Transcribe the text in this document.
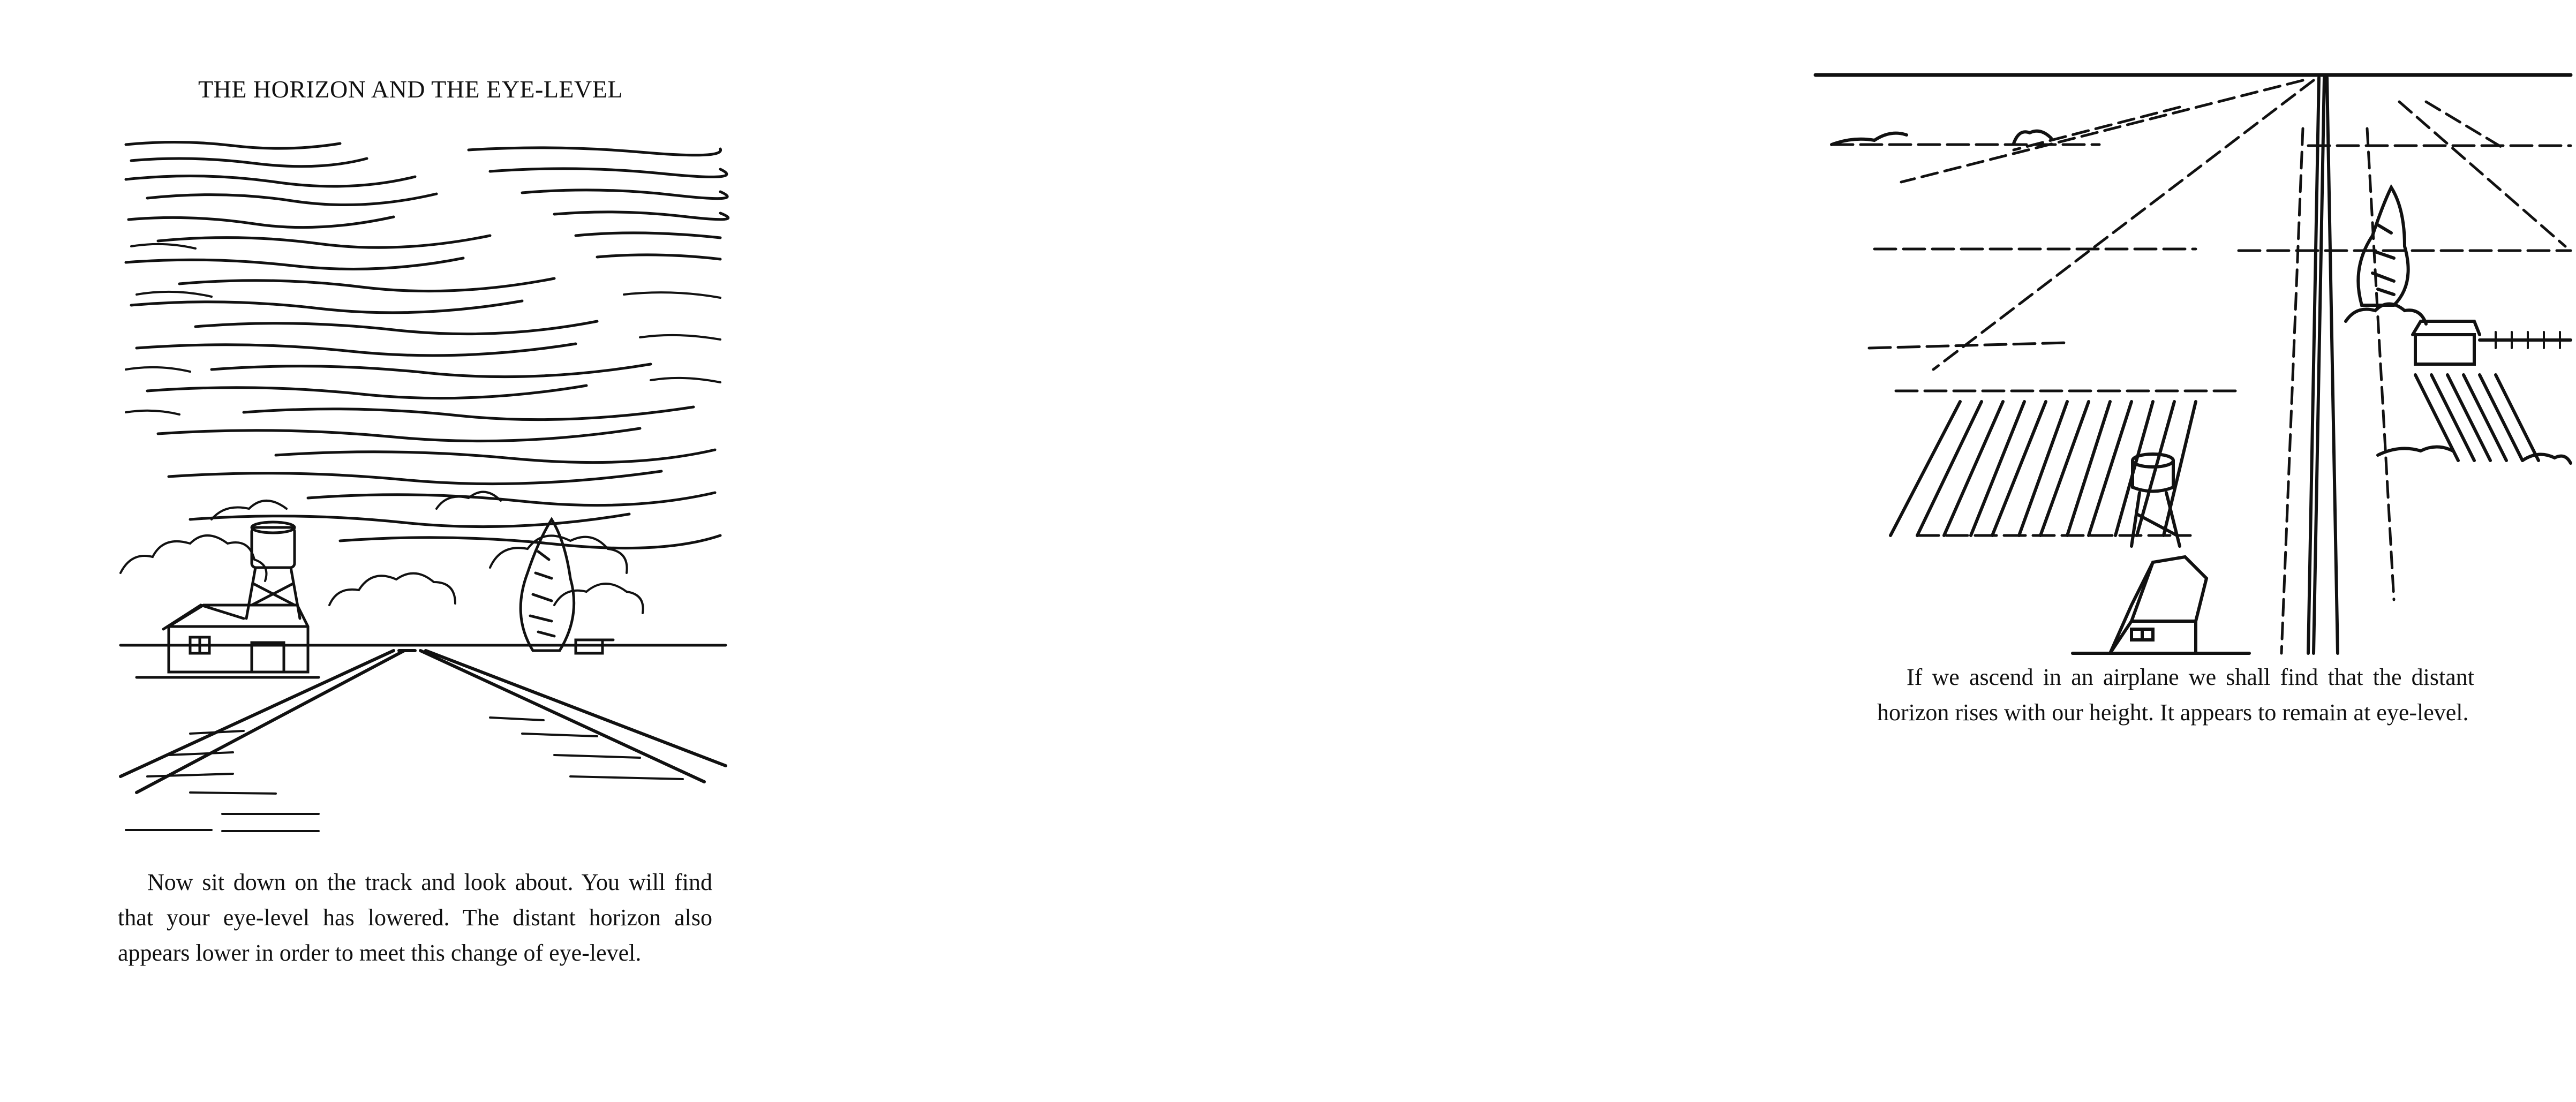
THE HORIZON AND THE EYE-LEVEL

Now sit down on the track and look about. You will find that your eye-level has lowered. The distant horizon also appears lower in order to meet this change of eye-level.

If we ascend in an airplane we shall find that the distant horizon rises with our height. It appears to remain at eye-level.
